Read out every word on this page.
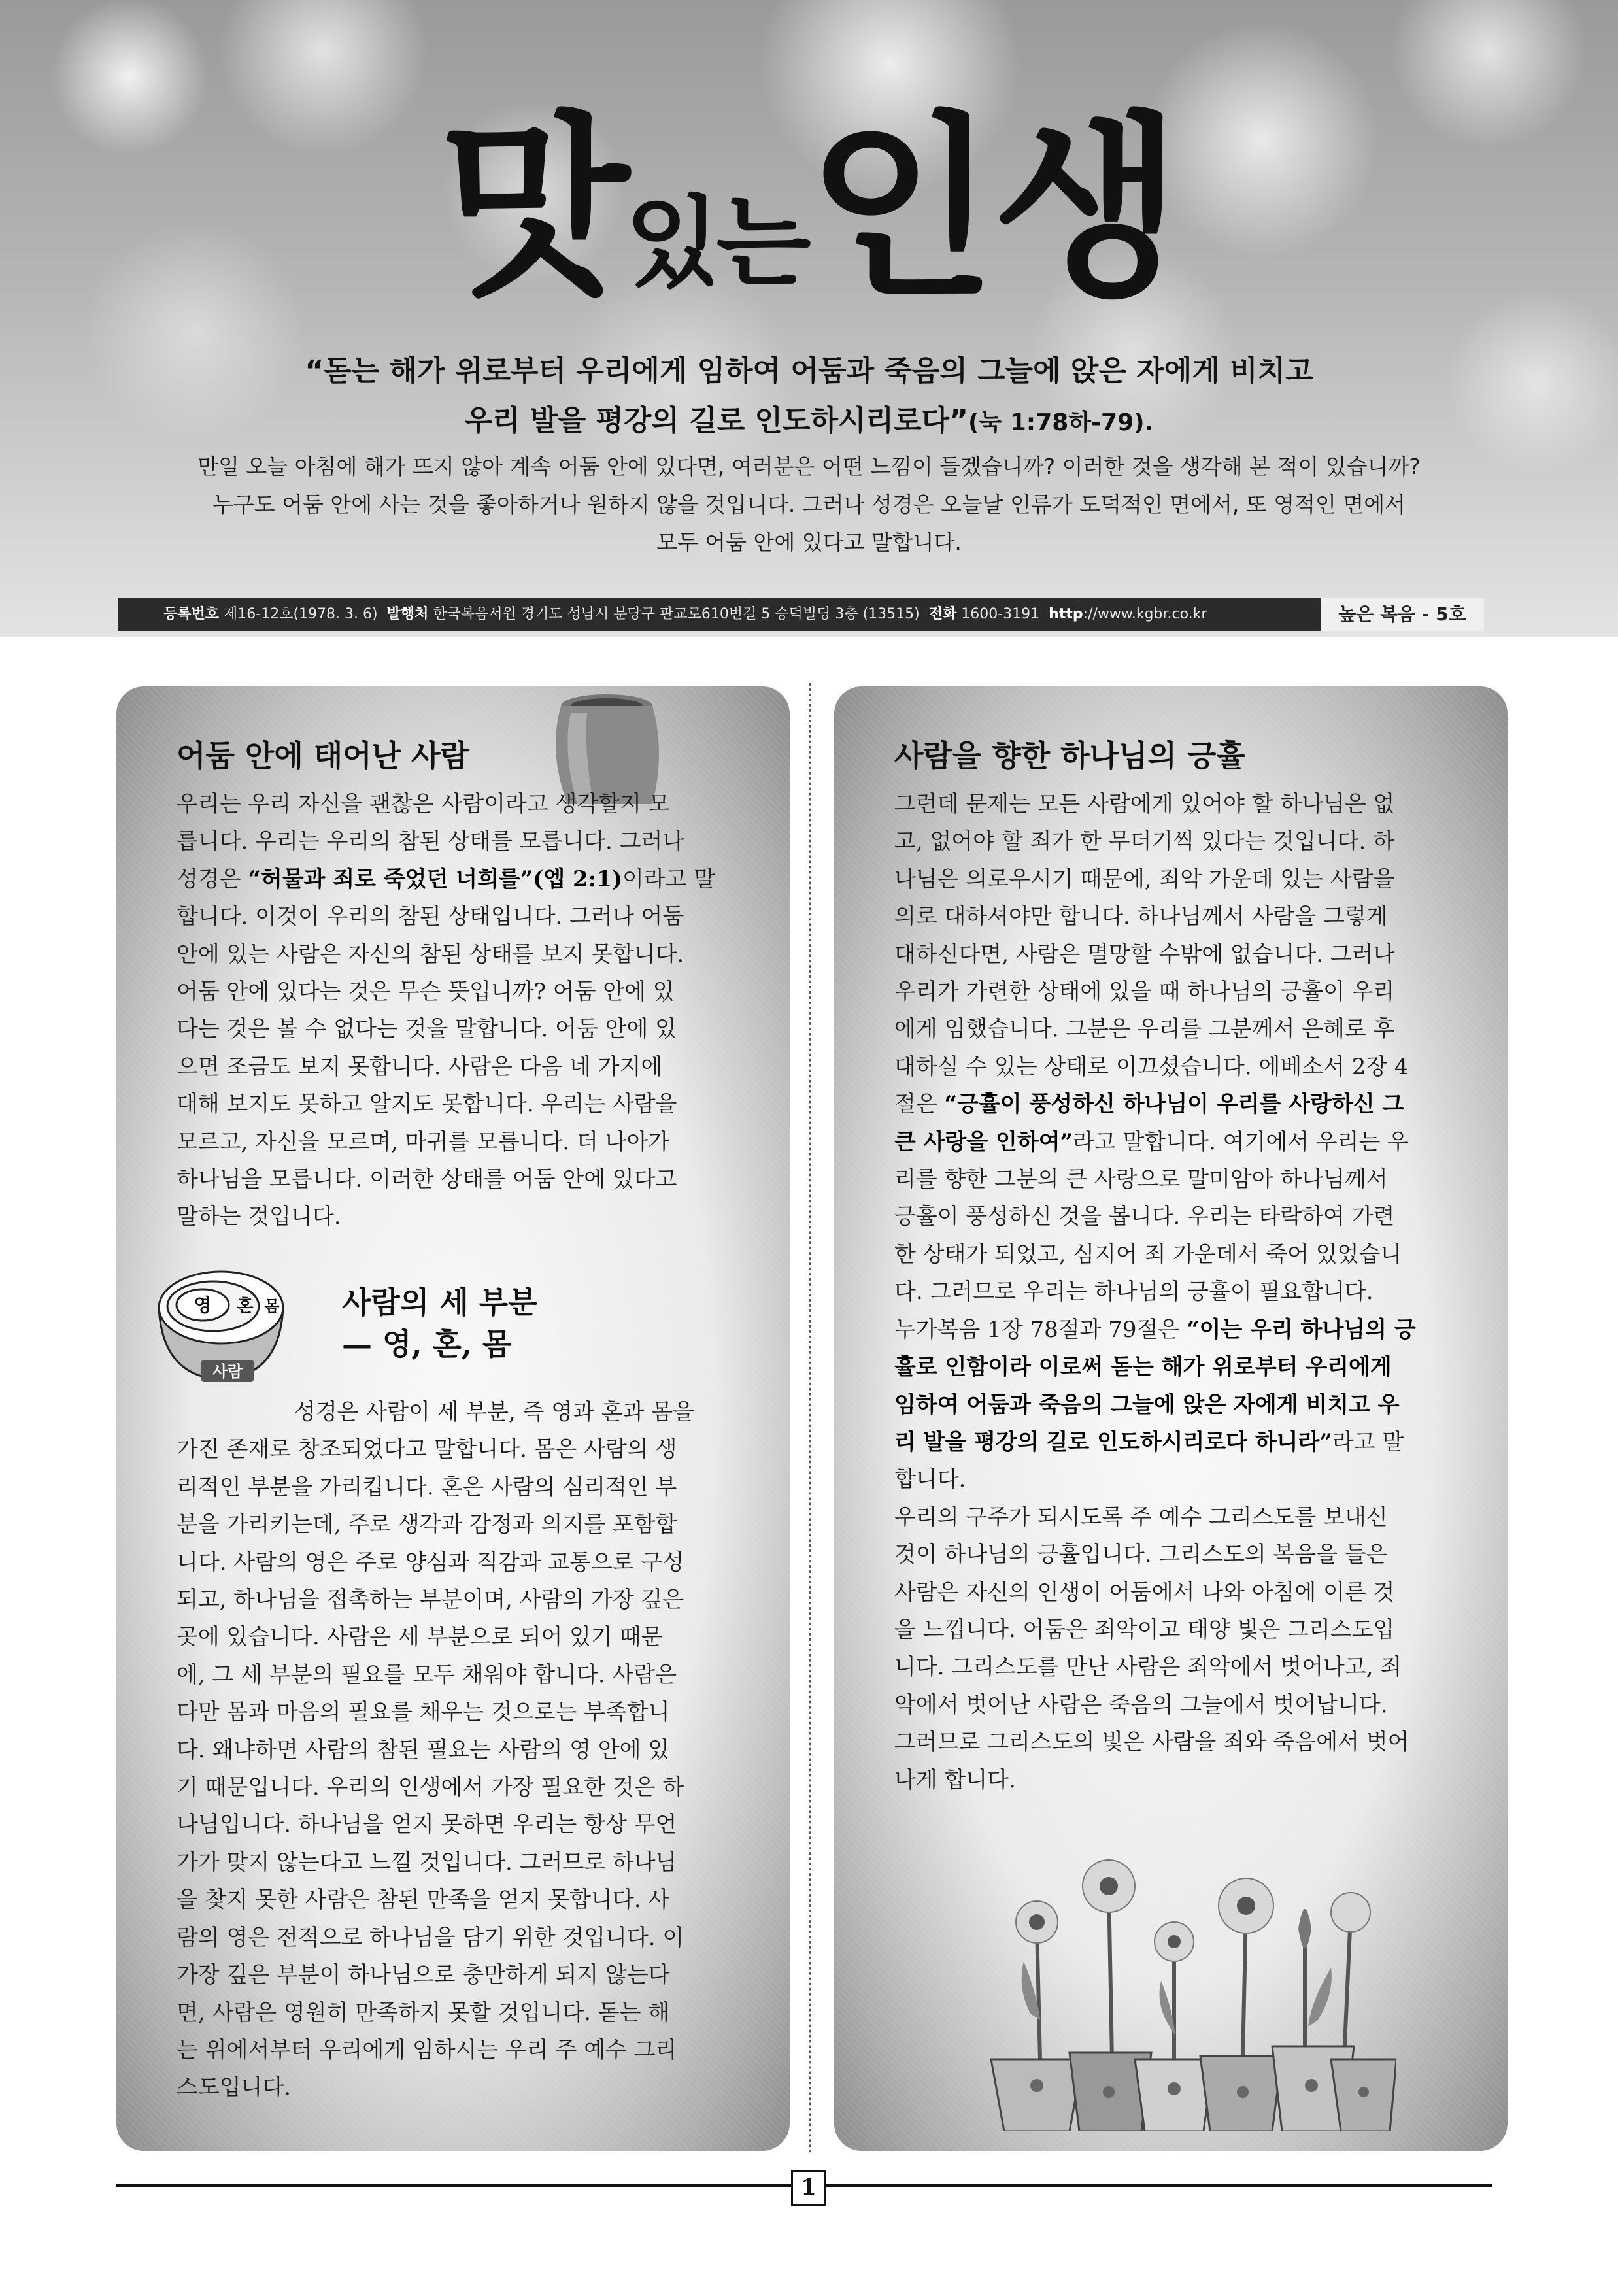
맛있는 인생
“돋는 해가 위로부터 우리에게 임하여 어둠과 죽음의 그늘에 앉은 자에게 비치고
우리 발을 평강의 길로 인도하시리로다”(눅 1:78하-79).
만일 오늘 아침에 해가 뜨지 않아 계속 어둠 안에 있다면, 여러분은 어떤 느낌이 들겠습니까? 이러한 것을 생각해 본 적이 있습니까?
누구도 어둠 안에 사는 것을 좋아하거나 원하지 않을 것입니다. 그러나 성경은 오늘날 인류가 도덕적인 면에서, 또 영적인 면에서
모두 어둠 안에 있다고 말합니다.
등록번호 제16-12호(1978. 3. 6) 발행처 한국복음서원 경기도 성남시 분당구 판교로610번길 5 승덕빌딩 3층 (13515) 전화 1600-3191 http://www.kgbr.co.kr	높은 복음 - 5호
어둠 안에 태어난 사람
우리는 우리 자신을 괜찮은 사람이라고 생각할지 모
릅니다. 우리는 우리의 참된 상태를 모릅니다. 그러나
성경은 “허물과 죄로 죽었던 너희를”(엡 2:1)이라고 말
합니다. 이것이 우리의 참된 상태입니다. 그러나 어둠
안에 있는 사람은 자신의 참된 상태를 보지 못합니다.
어둠 안에 있다는 것은 무슨 뜻입니까? 어둠 안에 있
다는 것은 볼 수 없다는 것을 말합니다. 어둠 안에 있
으면 조금도 보지 못합니다. 사람은 다음 네 가지에
대해 보지도 못하고 알지도 못합니다. 우리는 사람을
모르고, 자신을 모르며, 마귀를 모릅니다. 더 나아가
하나님을 모릅니다. 이러한 상태를 어둠 안에 있다고
말하는 것입니다.
영 혼 몸
사람
사람의 세 부분
— 영, 혼, 몸
성경은 사람이 세 부분, 즉 영과 혼과 몸을
가진 존재로 창조되었다고 말합니다. 몸은 사람의 생
리적인 부분을 가리킵니다. 혼은 사람의 심리적인 부
분을 가리키는데, 주로 생각과 감정과 의지를 포함합
니다. 사람의 영은 주로 양심과 직감과 교통으로 구성
되고, 하나님을 접촉하는 부분이며, 사람의 가장 깊은
곳에 있습니다. 사람은 세 부분으로 되어 있기 때문
에, 그 세 부분의 필요를 모두 채워야 합니다. 사람은
다만 몸과 마음의 필요를 채우는 것으로는 부족합니
다. 왜냐하면 사람의 참된 필요는 사람의 영 안에 있
기 때문입니다. 우리의 인생에서 가장 필요한 것은 하
나님입니다. 하나님을 얻지 못하면 우리는 항상 무언
가가 맞지 않는다고 느낄 것입니다. 그러므로 하나님
을 찾지 못한 사람은 참된 만족을 얻지 못합니다. 사
람의 영은 전적으로 하나님을 담기 위한 것입니다. 이
가장 깊은 부분이 하나님으로 충만하게 되지 않는다
면, 사람은 영원히 만족하지 못할 것입니다. 돋는 해
는 위에서부터 우리에게 임하시는 우리 주 예수 그리
스도입니다.
사람을 향한 하나님의 긍휼
그런데 문제는 모든 사람에게 있어야 할 하나님은 없
고, 없어야 할 죄가 한 무더기씩 있다는 것입니다. 하
나님은 의로우시기 때문에, 죄악 가운데 있는 사람을
의로 대하셔야만 합니다. 하나님께서 사람을 그렇게
대하신다면, 사람은 멸망할 수밖에 없습니다. 그러나
우리가 가련한 상태에 있을 때 하나님의 긍휼이 우리
에게 임했습니다. 그분은 우리를 그분께서 은혜로 후
대하실 수 있는 상태로 이끄셨습니다. 에베소서 2장 4
절은 “긍휼이 풍성하신 하나님이 우리를 사랑하신 그
큰 사랑을 인하여”라고 말합니다. 여기에서 우리는 우
리를 향한 그분의 큰 사랑으로 말미암아 하나님께서
긍휼이 풍성하신 것을 봅니다. 우리는 타락하여 가련
한 상태가 되었고, 심지어 죄 가운데서 죽어 있었습니
다. 그러므로 우리는 하나님의 긍휼이 필요합니다.
누가복음 1장 78절과 79절은 “이는 우리 하나님의 긍
휼로 인함이라 이로써 돋는 해가 위로부터 우리에게
임하여 어둠과 죽음의 그늘에 앉은 자에게 비치고 우
리 발을 평강의 길로 인도하시리로다 하니라”라고 말
합니다.
우리의 구주가 되시도록 주 예수 그리스도를 보내신
것이 하나님의 긍휼입니다. 그리스도의 복음을 들은
사람은 자신의 인생이 어둠에서 나와 아침에 이른 것
을 느낍니다. 어둠은 죄악이고 태양 빛은 그리스도입
니다. 그리스도를 만난 사람은 죄악에서 벗어나고, 죄
악에서 벗어난 사람은 죽음의 그늘에서 벗어납니다.
그러므로 그리스도의 빛은 사람을 죄와 죽음에서 벗어
나게 합니다.
1
